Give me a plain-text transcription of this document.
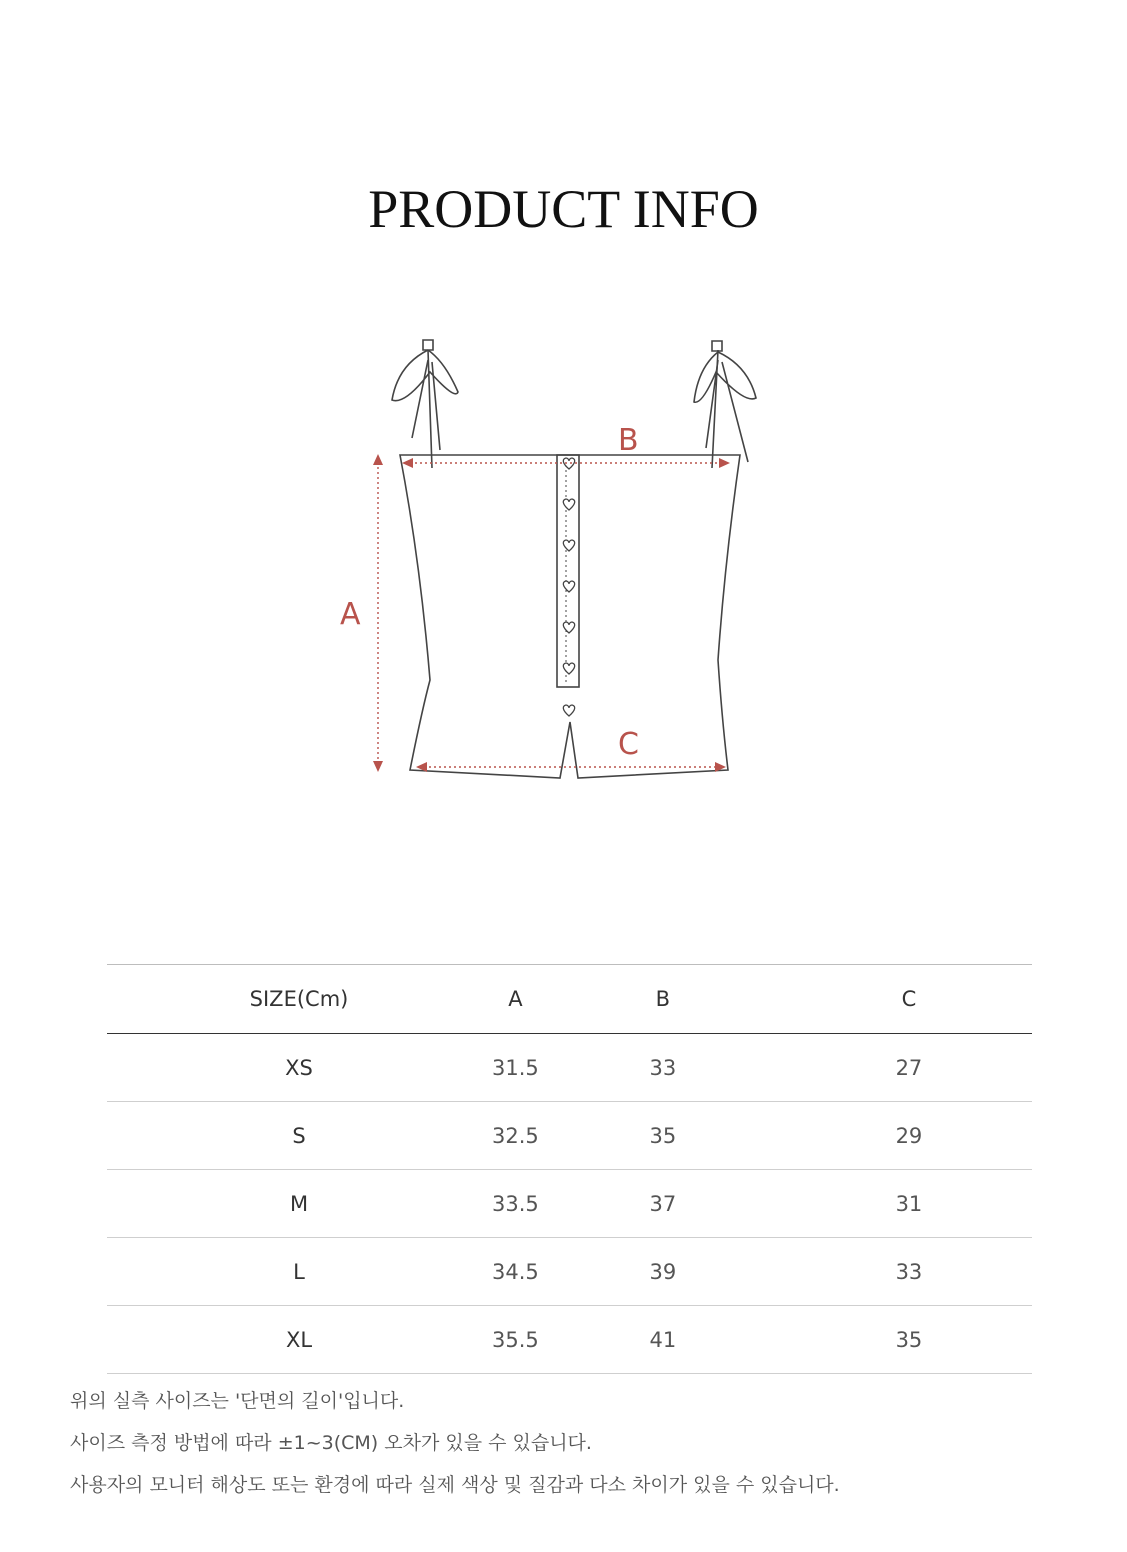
PRODUCT INFO
A
B
C
SIZE(Cm)	A	B	C
XS	31.5	33	27
S	32.5	35	29
M	33.5	37	31
L	34.5	39	33
XL	35.5	41	35

위의 실측 사이즈는 '단면의 길이'입니다.

사이즈 측정 방법에 따라 ±1~3(CM) 오차가 있을 수 있습니다.

사용자의 모니터 해상도 또는 환경에 따라 실제 색상 및 질감과 다소 차이가 있을 수 있습니다.
